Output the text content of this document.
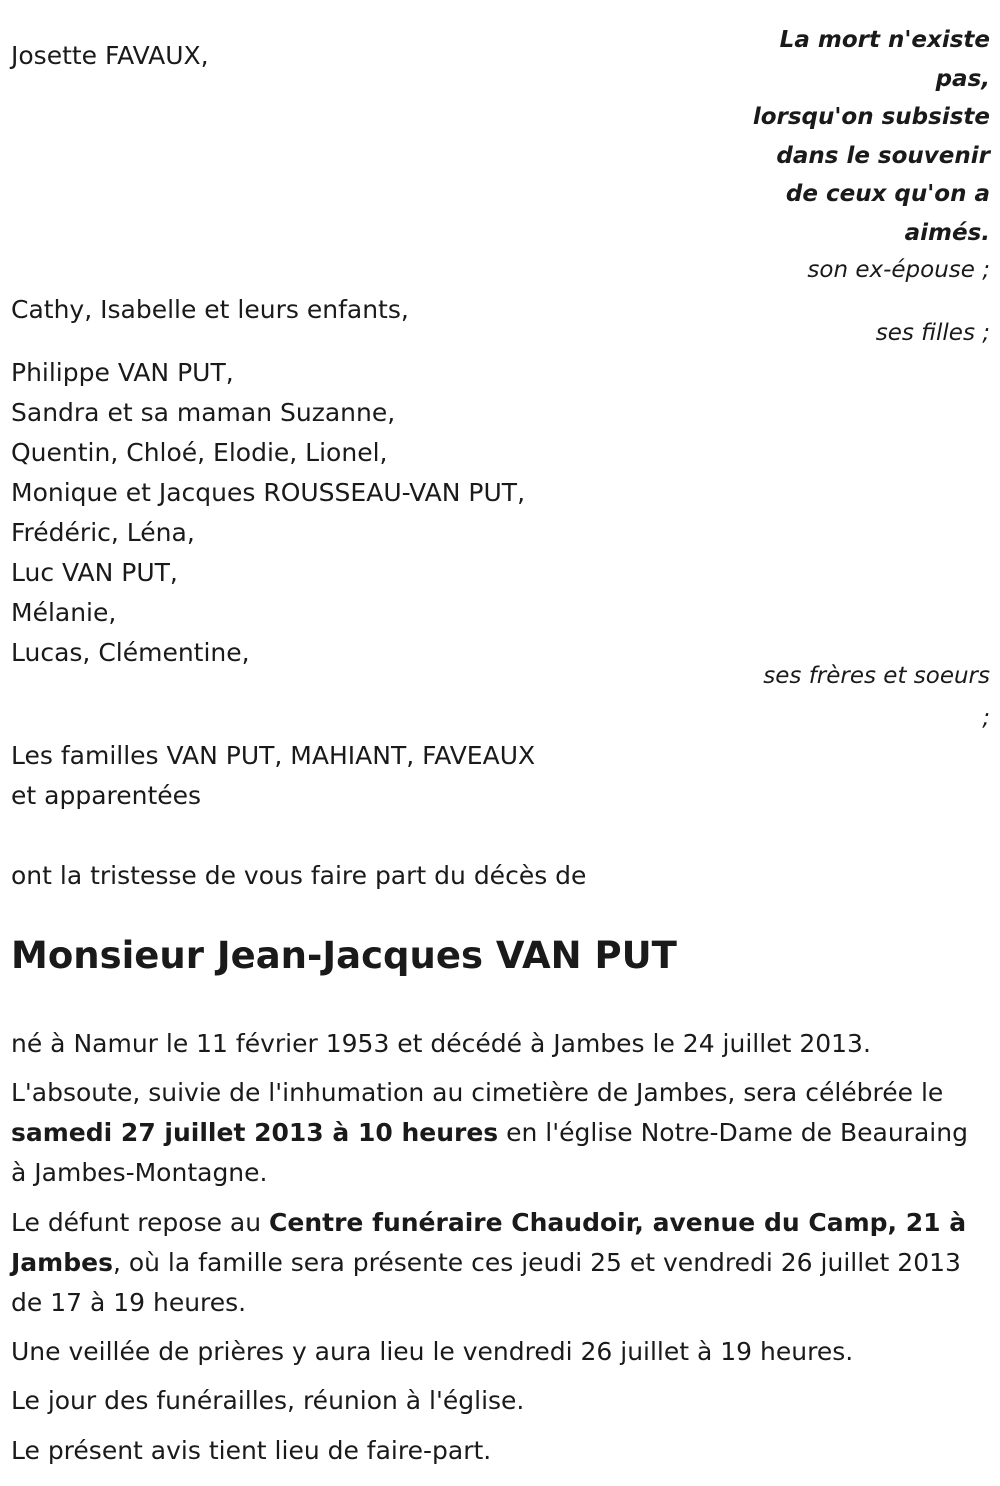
La mort n'existe
pas,
lorsqu'on subsiste
dans le souvenir
de ceux qu'on a
aimés.
Josette FAVAUX,
son ex-épouse ;
Cathy, Isabelle et leurs enfants,
ses filles ;
Philippe VAN PUT,
Sandra et sa maman Suzanne,
Quentin, Chloé, Elodie, Lionel,
Monique et Jacques ROUSSEAU-VAN PUT,
Frédéric, Léna,
Luc VAN PUT,
Mélanie,
Lucas, Clémentine,
ses frères et soeurs
;
Les familles VAN PUT, MAHIANT, FAVEAUX
et apparentées
ont la tristesse de vous faire part du décès de
Monsieur Jean-Jacques VAN PUT
né à Namur le 11 février 1953 et décédé à Jambes le 24 juillet 2013.
L'absoute, suivie de l'inhumation au cimetière de Jambes, sera célébrée le samedi 27 juillet 2013 à 10 heures en l'église Notre-Dame de Beauraing à Jambes-Montagne.
Le défunt repose au Centre funéraire Chaudoir, avenue du Camp, 21 à Jambes, où la famille sera présente ces jeudi 25 et vendredi 26 juillet 2013 de 17 à 19 heures.
Une veillée de prières y aura lieu le vendredi 26 juillet à 19 heures.
Le jour des funérailles, réunion à l'église.
Le présent avis tient lieu de faire-part.
